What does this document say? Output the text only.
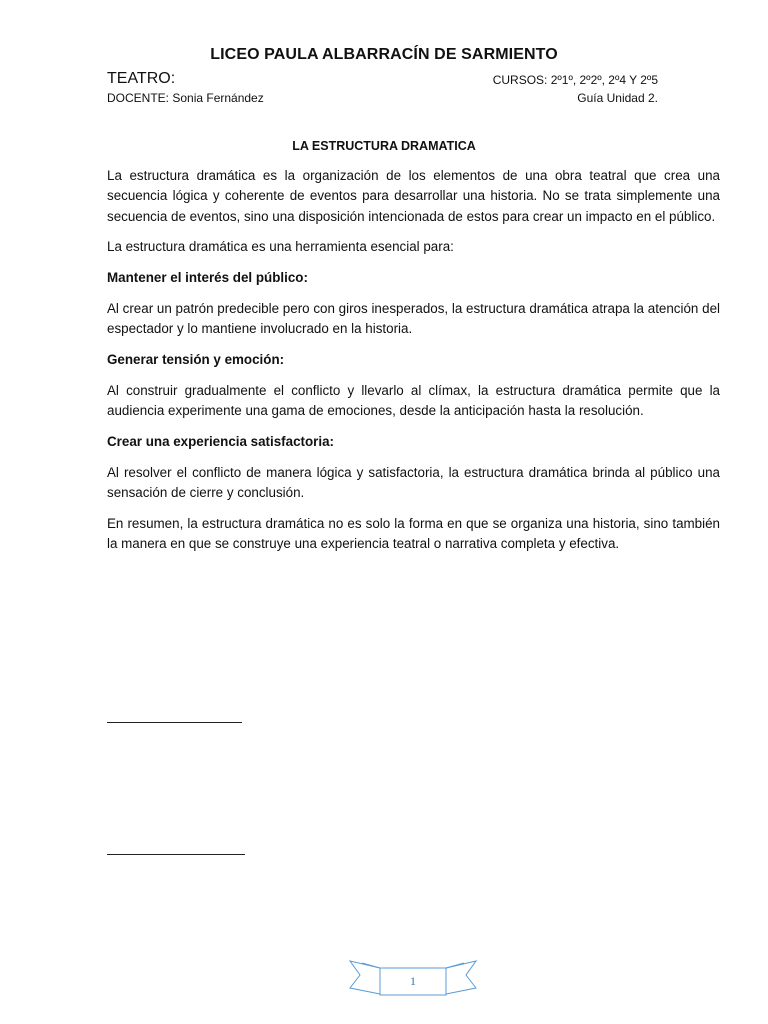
LICEO PAULA ALBARRACÍN DE SARMIENTO
TEATRO:	CURSOS: 2º1º, 2º2º, 2º4 Y 2º5
DOCENTE: Sonia Fernández	Guía Unidad 2.
LA ESTRUCTURA DRAMATICA

La estructura dramática es la organización de los elementos de una obra teatral que crea una secuencia lógica y coherente de eventos para desarrollar una historia. No se trata simplemente una secuencia de eventos, sino una disposición intencionada de estos para crear un impacto en el público.

La estructura dramática es una herramienta esencial para:

Mantener el interés del público:

Al crear un patrón predecible pero con giros inesperados, la estructura dramática atrapa la atención del espectador y lo mantiene involucrado en la historia.

Generar tensión y emoción:

Al construir gradualmente el conflicto y llevarlo al clímax, la estructura dramática permite que la audiencia experimente una gama de emociones, desde la anticipación hasta la resolución.

Crear una experiencia satisfactoria:

Al resolver el conflicto de manera lógica y satisfactoria, la estructura dramática brinda al público una sensación de cierre y conclusión.

En resumen, la estructura dramática no es solo la forma en que se organiza una historia, sino también la manera en que se construye una experiencia teatral o narrativa completa y efectiva.

1
